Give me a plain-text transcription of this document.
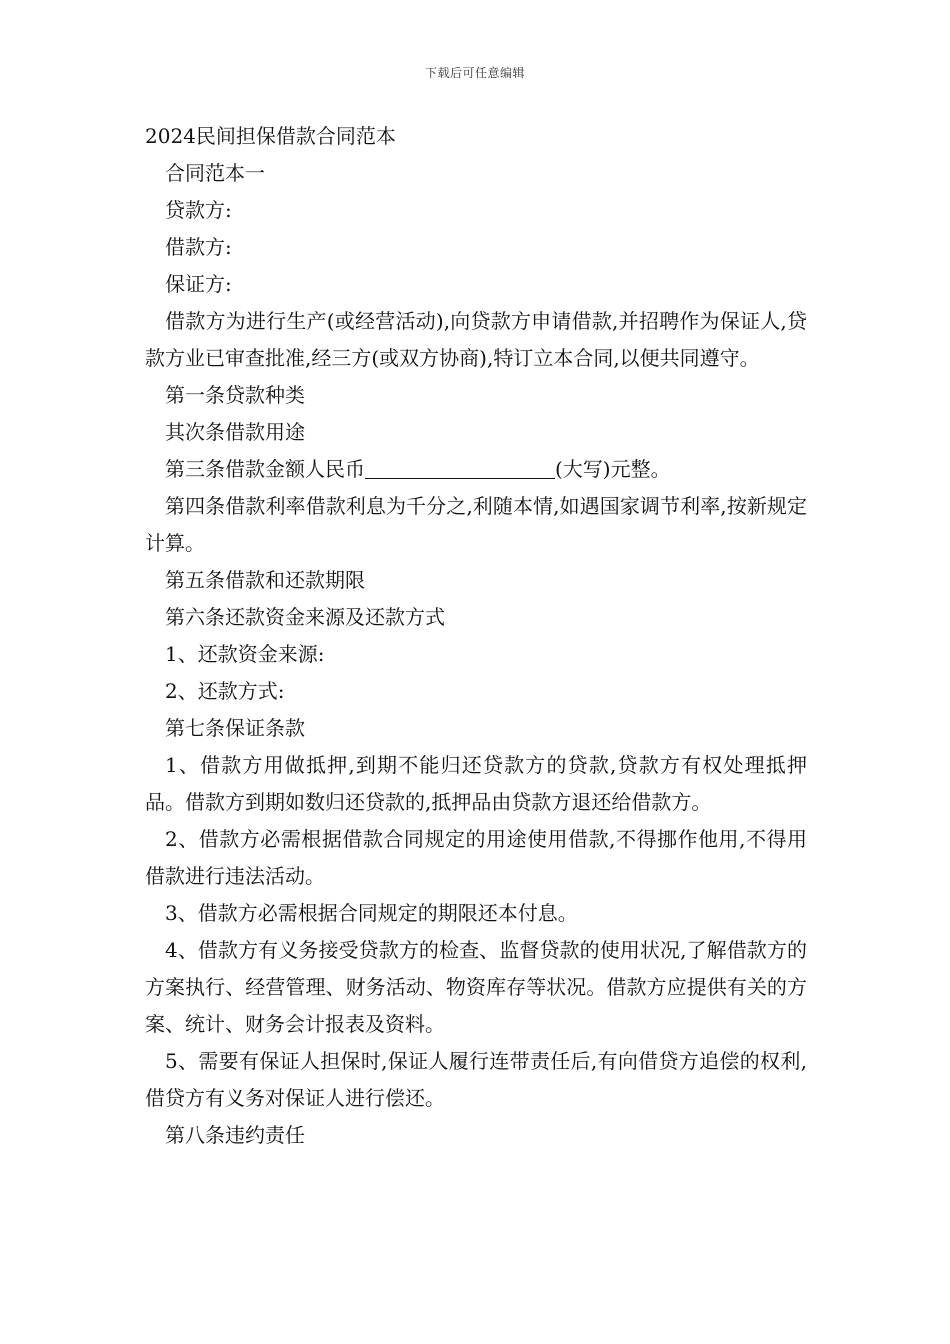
下载后可任意编辑
2024民间担保借款合同范本

合同范本一

贷款方:

借款方:

保证方:

借款方为进行生产(或经营活动),向贷款方申请借款,并招聘作为保证人,贷款方业已审查批准,经三方(或双方协商),特订立本合同,以便共同遵守。

第一条贷款种类

其次条借款用途

第三条借款金额人民币	(大写)元整。

第四条借款利率借款利息为千分之,利随本情,如遇国家调节利率,按新规定计算。

第五条借款和还款期限

第六条还款资金来源及还款方式

1、还款资金来源:

2、还款方式:

第七条保证条款

1、借款方用做抵押,到期不能归还贷款方的贷款,贷款方有权处理抵押品。借款方到期如数归还贷款的,抵押品由贷款方退还给借款方。

2、借款方必需根据借款合同规定的用途使用借款,不得挪作他用,不得用借款进行违法活动。

3、借款方必需根据合同规定的期限还本付息。

4、借款方有义务接受贷款方的检查、监督贷款的使用状况,了解借款方的方案执行、经营管理、财务活动、物资库存等状况。借款方应提供有关的方案、统计、财务会计报表及资料。

5、需要有保证人担保时,保证人履行连带责任后,有向借贷方追偿的权利,借贷方有义务对保证人进行偿还。

第八条违约责任
